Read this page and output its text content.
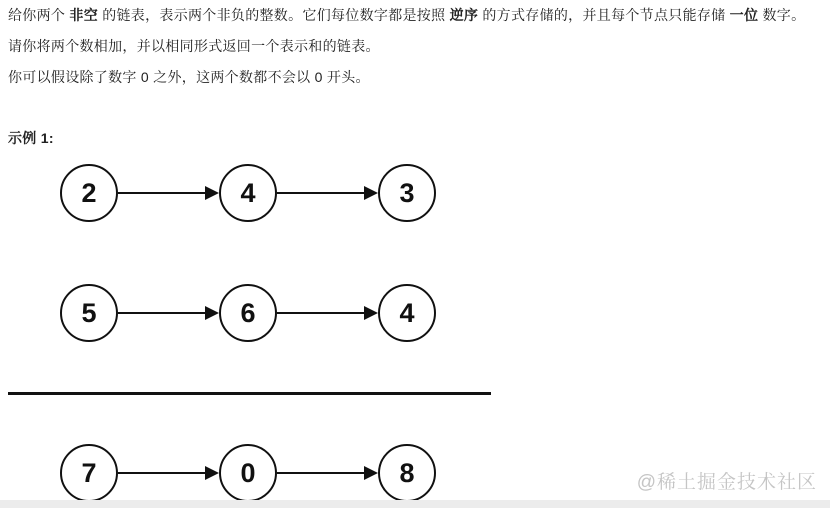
给你两个 非空 的链表，表示两个非负的整数。它们每位数字都是按照 逆序 的方式存储的，并且每个节点只能存储 一位 数字。

请你将两个数相加，并以相同形式返回一个表示和的链表。

你可以假设除了数字 0 之外，这两个数都不会以 0 开头。

示例 1:

2	4	3
5	6	4
7	0	8	@稀土掘金技术社区
